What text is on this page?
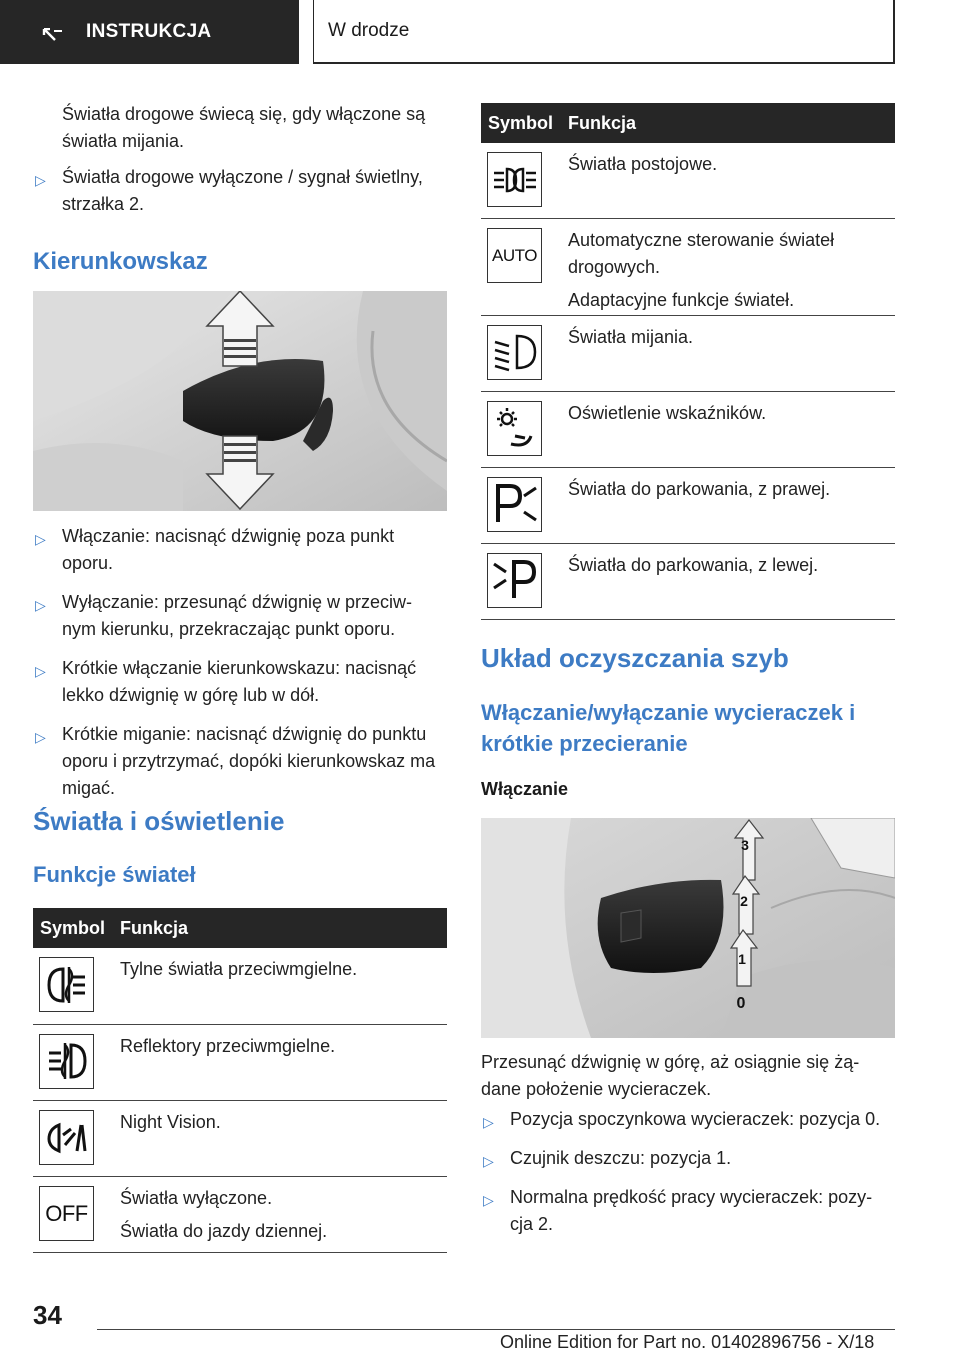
INSTRUKCJA	W drodze

Światła drogowe świecą się, gdy włączone są światła mijania.

▷ Światła drogowe wyłączone / sygnał świetlny, strzałka 2.
Kierunkowskaz
▷ Włączanie: nacisnąć dźwignię poza punkt oporu.
▷ Wyłączanie: przesunąć dźwignię w przeciw- nym kierunku, przekraczając punkt oporu.
▷ Krótkie włączanie kierunkowskazu: nacisnąć lekko dźwignię w górę lub w dół.
▷ Krótkie miganie: nacisnąć dźwignię do punktu oporu i przytrzymać, dopóki kierunkowskaz ma migać.
Światła i oświetlenie
Funkcje świateł
Symbol	Funkcja

Tylne światła przeciwmgielne.

Reflektory przeciwmgielne.

Night Vision.

OFF	Światła wyłączone.

Światła do jazdy dziennej.

Symbol	Funkcja

Światła postojowe.

AUTO	Automatyczne sterowanie świateł drogowych.

Adaptacyjne funkcje świateł.

Światła mijania.

Oświetlenie wskaźników.

Światła do parkowania, z prawej.

Światła do parkowania, z lewej.

Układ oczyszczania szyb
Włączanie/wyłączanie wycieraczek i krótkie przecieranie
Włączanie
3
2
1
0

Przesunąć dźwignię w górę, aż osiągnie się żą- dane położenie wycieraczek.

▷ Pozycja spoczynkowa wycieraczek: pozycja 0.
▷ Czujnik deszczu: pozycja 1.
▷ Normalna prędkość pracy wycieraczek: pozy- cja 2.
34
Online Edition for Part no. 01402896756 - X/18
